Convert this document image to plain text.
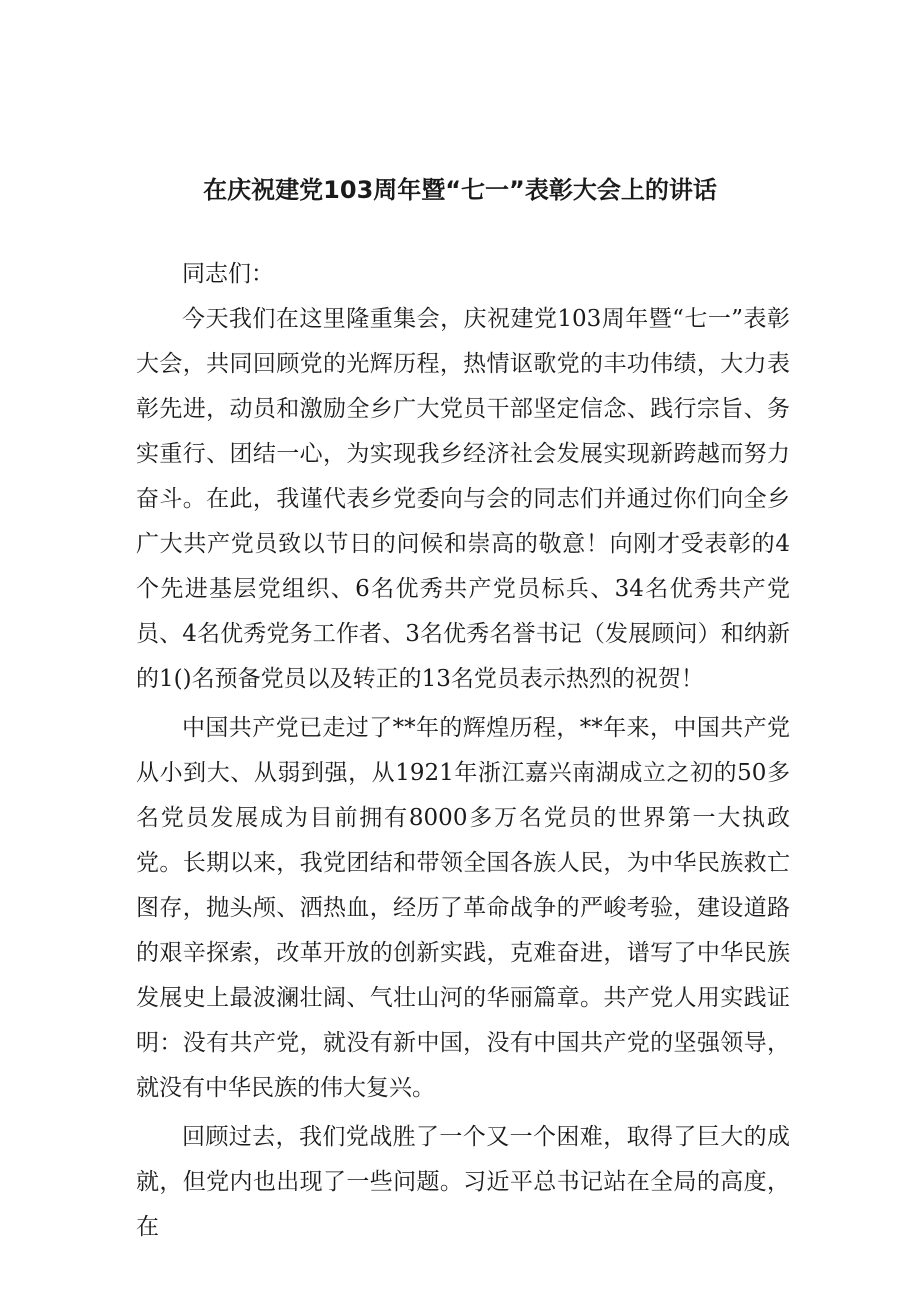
在庆祝建党103周年暨“七一”表彰大会上的讲话

同志们：

今天我们在这里隆重集会，庆祝建党103周年暨“七一”表彰大会，共同回顾党的光辉历程，热情讴歌党的丰功伟绩，大力表彰先进，动员和激励全乡广大党员干部坚定信念、践行宗旨、务实重行、团结一心，为实现我乡经济社会发展实现新跨越而努力奋斗。在此，我谨代表乡党委向与会的同志们并通过你们向全乡广大共产党员致以节日的问候和崇高的敬意！向刚才受表彰的4个先进基层党组织、6名优秀共产党员标兵、34名优秀共产党员、4名优秀党务工作者、3名优秀名誉书记（发展顾问）和纳新的1()名预备党员以及转正的13名党员表示热烈的祝贺！

中国共产党已走过了**年的辉煌历程，**年来，中国共产党从小到大、从弱到强，从1921年浙江嘉兴南湖成立之初的50多名党员发展成为目前拥有8000多万名党员的世界第一大执政党。长期以来，我党团结和带领全国各族人民，为中华民族救亡图存，抛头颅、洒热血，经历了革命战争的严峻考验，建设道路的艰辛探索，改革开放的创新实践，克难奋进，谱写了中华民族发展史上最波澜壮阔、气壮山河的华丽篇章。共产党人用实践证明：没有共产党，就没有新中国，没有中国共产党的坚强领导，就没有中华民族的伟大复兴。

回顾过去，我们党战胜了一个又一个困难，取得了巨大的成就，但党内也出现了一些问题。习近平总书记站在全局的高度，在
